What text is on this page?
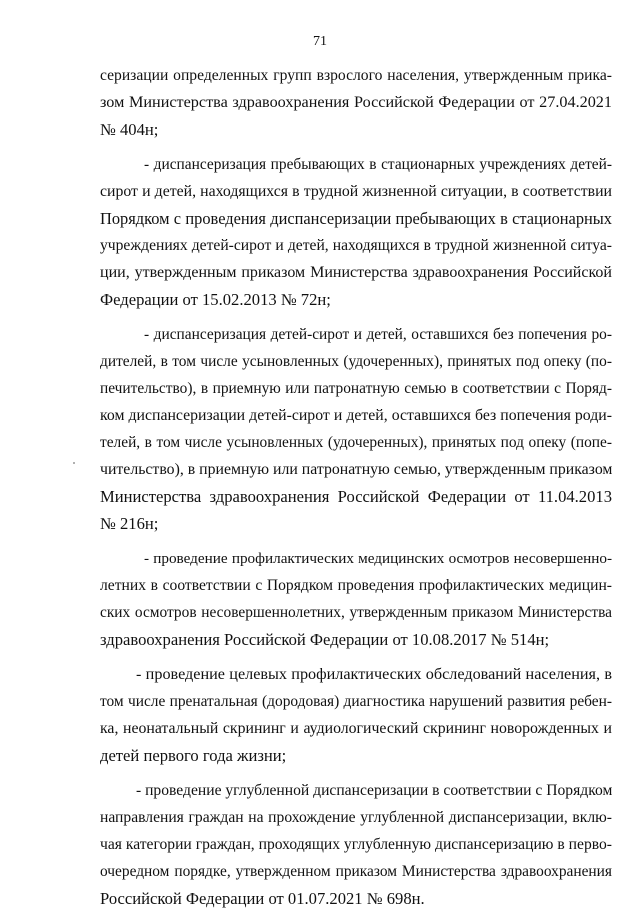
71

серизации определенных групп взрослого населения, утвержденным прика-

зом Министерства здравоохранения Российской Федерации от 27.04.2021

№ 404н;

- диспансеризация пребывающих в стационарных учреждениях детей-

сирот и детей, находящихся в трудной жизненной ситуации, в соответствии

Порядком с проведения диспансеризации пребывающих в стационарных

учреждениях детей-сирот и детей, находящихся в трудной жизненной ситуа-

ции, утвержденным приказом Министерства здравоохранения Российской

Федерации от 15.02.2013 № 72н;

- диспансеризация детей-сирот и детей, оставшихся без попечения ро-

дителей, в том числе усыновленных (удочеренных), принятых под опеку (по-

печительство), в приемную или патронатную семью в соответствии с Поряд-

ком диспансеризации детей-сирот и детей, оставшихся без попечения роди-

телей, в том числе усыновленных (удочеренных), принятых под опеку (попе-

чительство), в приемную или патронатную семью, утвержденным приказом

Министерства здравоохранения Российской Федерации от 11.04.2013

№ 216н;

- проведение профилактических медицинских осмотров несовершенно-

летних в соответствии с Порядком проведения профилактических медицин-

ских осмотров несовершеннолетних, утвержденным приказом Министерства

здравоохранения Российской Федерации от 10.08.2017 № 514н;

- проведение целевых профилактических обследований населения, в

том числе пренатальная (дородовая) диагностика нарушений развития ребен-

ка, неонатальный скрининг и аудиологический скрининг новорожденных и

детей первого года жизни;

- проведение углубленной диспансеризации в соответствии с Порядком

направления граждан на прохождение углубленной диспансеризации, вклю-

чая категории граждан, проходящих углубленную диспансеризацию в перво-

очередном порядке, утвержденном приказом Министерства здравоохранения

Российской Федерации от 01.07.2021 № 698н.
